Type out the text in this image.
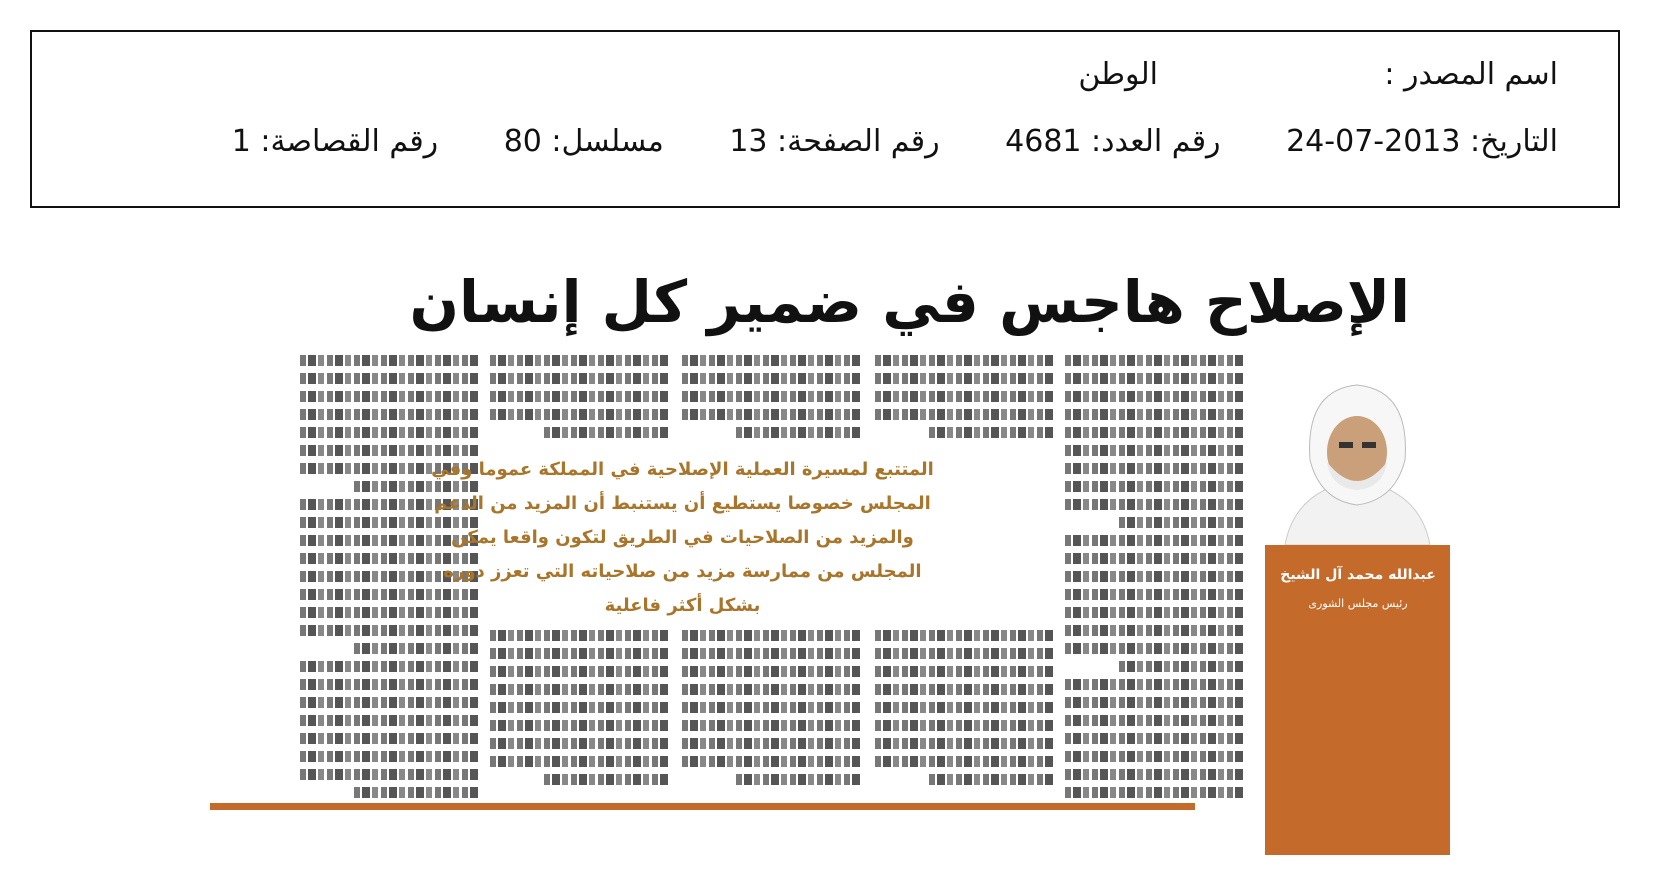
اسم المصدر :
الوطن
التاريخ: 2013-07-24 رقم العدد: 4681 رقم الصفحة: 13 مسلسل: 80 رقم القصاصة: 1
الإصلاح هاجس في ضمير كل إنسان
عبدالله محمد آل الشيخ
رئيس مجلس الشورى
المتتبع لمسيرة العملية الإصلاحية في المملكة عموما وفي المجلس خصوصا يستطيع أن يستنبط أن المزيد من الدعم والمزيد من الصلاحيات في الطريق لتكون واقعا يمكن المجلس من ممارسة مزيد من صلاحياته التي تعزز دوره بشكل أكثر فاعلية
